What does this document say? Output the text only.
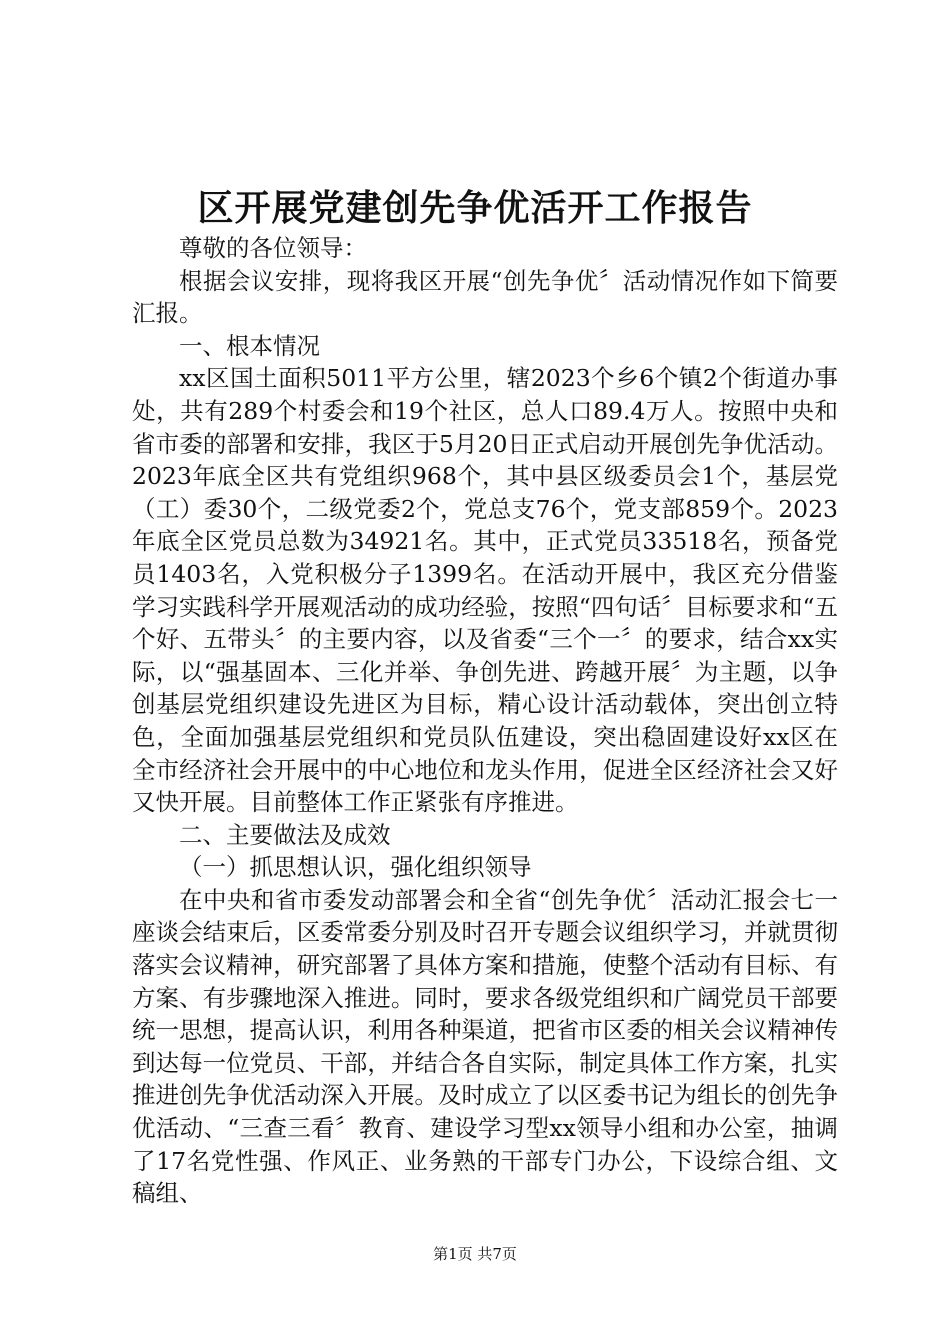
区开展党建创先争优活开工作报告

尊敬的各位领导：

根据会议安排，现将我区开展“创先争优〞活动情况作如下简要汇报。

一、根本情况

xx区国土面积5011平方公里，辖2023个乡6个镇2个街道办事处，共有289个村委会和19个社区，总人口89.4万人。按照中央和省市委的部署和安排，我区于5月20日正式启动开展创先争优活动。2023年底全区共有党组织968个，其中县区级委员会1个，基层党（工）委30个，二级党委2个，党总支76个，党支部859个。2023年底全区党员总数为34921名。其中，正式党员33518名，预备党员1403名，入党积极分子1399名。在活动开展中，我区充分借鉴学习实践科学开展观活动的成功经验，按照“四句话〞目标要求和“五个好、五带头〞的主要内容，以及省委“三个一〞的要求，结合xx实际，以“强基固本、三化并举、争创先进、跨越开展〞为主题，以争创基层党组织建设先进区为目标，精心设计活动载体，突出创立特色，全面加强基层党组织和党员队伍建设，突出稳固建设好xx区在全市经济社会开展中的中心地位和龙头作用，促进全区经济社会又好又快开展。目前整体工作正紧张有序推进。

二、主要做法及成效

（一）抓思想认识，强化组织领导

在中央和省市委发动部署会和全省“创先争优〞活动汇报会七一座谈会结束后，区委常委分别及时召开专题会议组织学习，并就贯彻落实会议精神，研究部署了具体方案和措施，使整个活动有目标、有方案、有步骤地深入推进。同时，要求各级党组织和广阔党员干部要统一思想，提高认识，利用各种渠道，把省市区委的相关会议精神传到达每一位党员、干部，并结合各自实际，制定具体工作方案，扎实推进创先争优活动深入开展。及时成立了以区委书记为组长的创先争优活动、“三查三看〞教育、建设学习型xx领导小组和办公室，抽调了17名党性强、作风正、业务熟的干部专门办公，下设综合组、文稿组、

第1页 共7页
